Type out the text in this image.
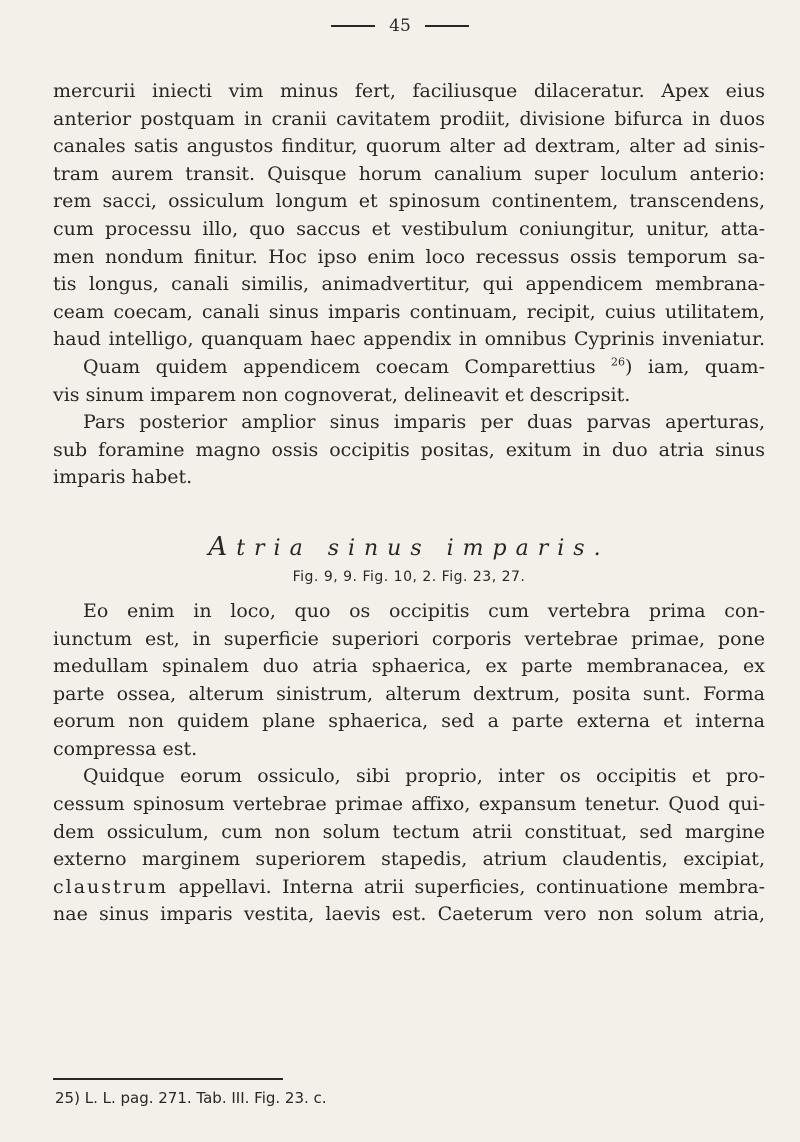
45
mercurii iniecti vim minus fert, faciliusque dilaceratur. Apex eius
anterior postquam in cranii cavitatem prodiit, divisione bifurca in duos
canales satis angustos finditur, quorum alter ad dextram, alter ad sinis-
tram aurem transit. Quisque horum canalium super loculum anterio:
rem sacci, ossiculum longum et spinosum continentem, transcendens,
cum processu illo, quo saccus et vestibulum coniungitur, unitur, atta-
men nondum finitur. Hoc ipso enim loco recessus ossis temporum sa-
tis longus, canali similis, animadvertitur, qui appendicem membrana-
ceam coecam, canali sinus imparis continuam, recipit, cuius utilitatem,
haud intelligo, quanquam haec appendix in omnibus Cyprinis inveniatur.
Quam quidem appendicem coecam Comparettius $^{26}$) iam, quam-
vis sinum imparem non cognoverat, delineavit et descripsit.
Pars posterior amplior sinus imparis per duas parvas aperturas,
sub foramine magno ossis occipitis positas, exitum in duo atria sinus
imparis habet.
Atria sinus imparis.
Fig. 9, 9. Fig. 10, 2. Fig. 23, 27.
Eo enim in loco, quo os occipitis cum vertebra prima con-
iunctum est, in superficie superiori corporis vertebrae primae, pone
medullam spinalem duo atria sphaerica, ex parte membranacea, ex
parte ossea, alterum sinistrum, alterum dextrum, posita sunt. Forma
eorum non quidem plane sphaerica, sed a parte externa et interna
compressa est.
Quidque eorum ossiculo, sibi proprio, inter os occipitis et pro-
cessum spinosum vertebrae primae affixo, expansum tenetur. Quod qui-
dem ossiculum, cum non solum tectum atrii constituat, sed margine
externo marginem superiorem stapedis, atrium claudentis, excipiat,
claustrum appellavi. Interna atrii superficies, continuatione membra-
nae sinus imparis vestita, laevis est. Caeterum vero non solum atria,
25) L. L. pag. 271. Tab. III. Fig. 23. c.
